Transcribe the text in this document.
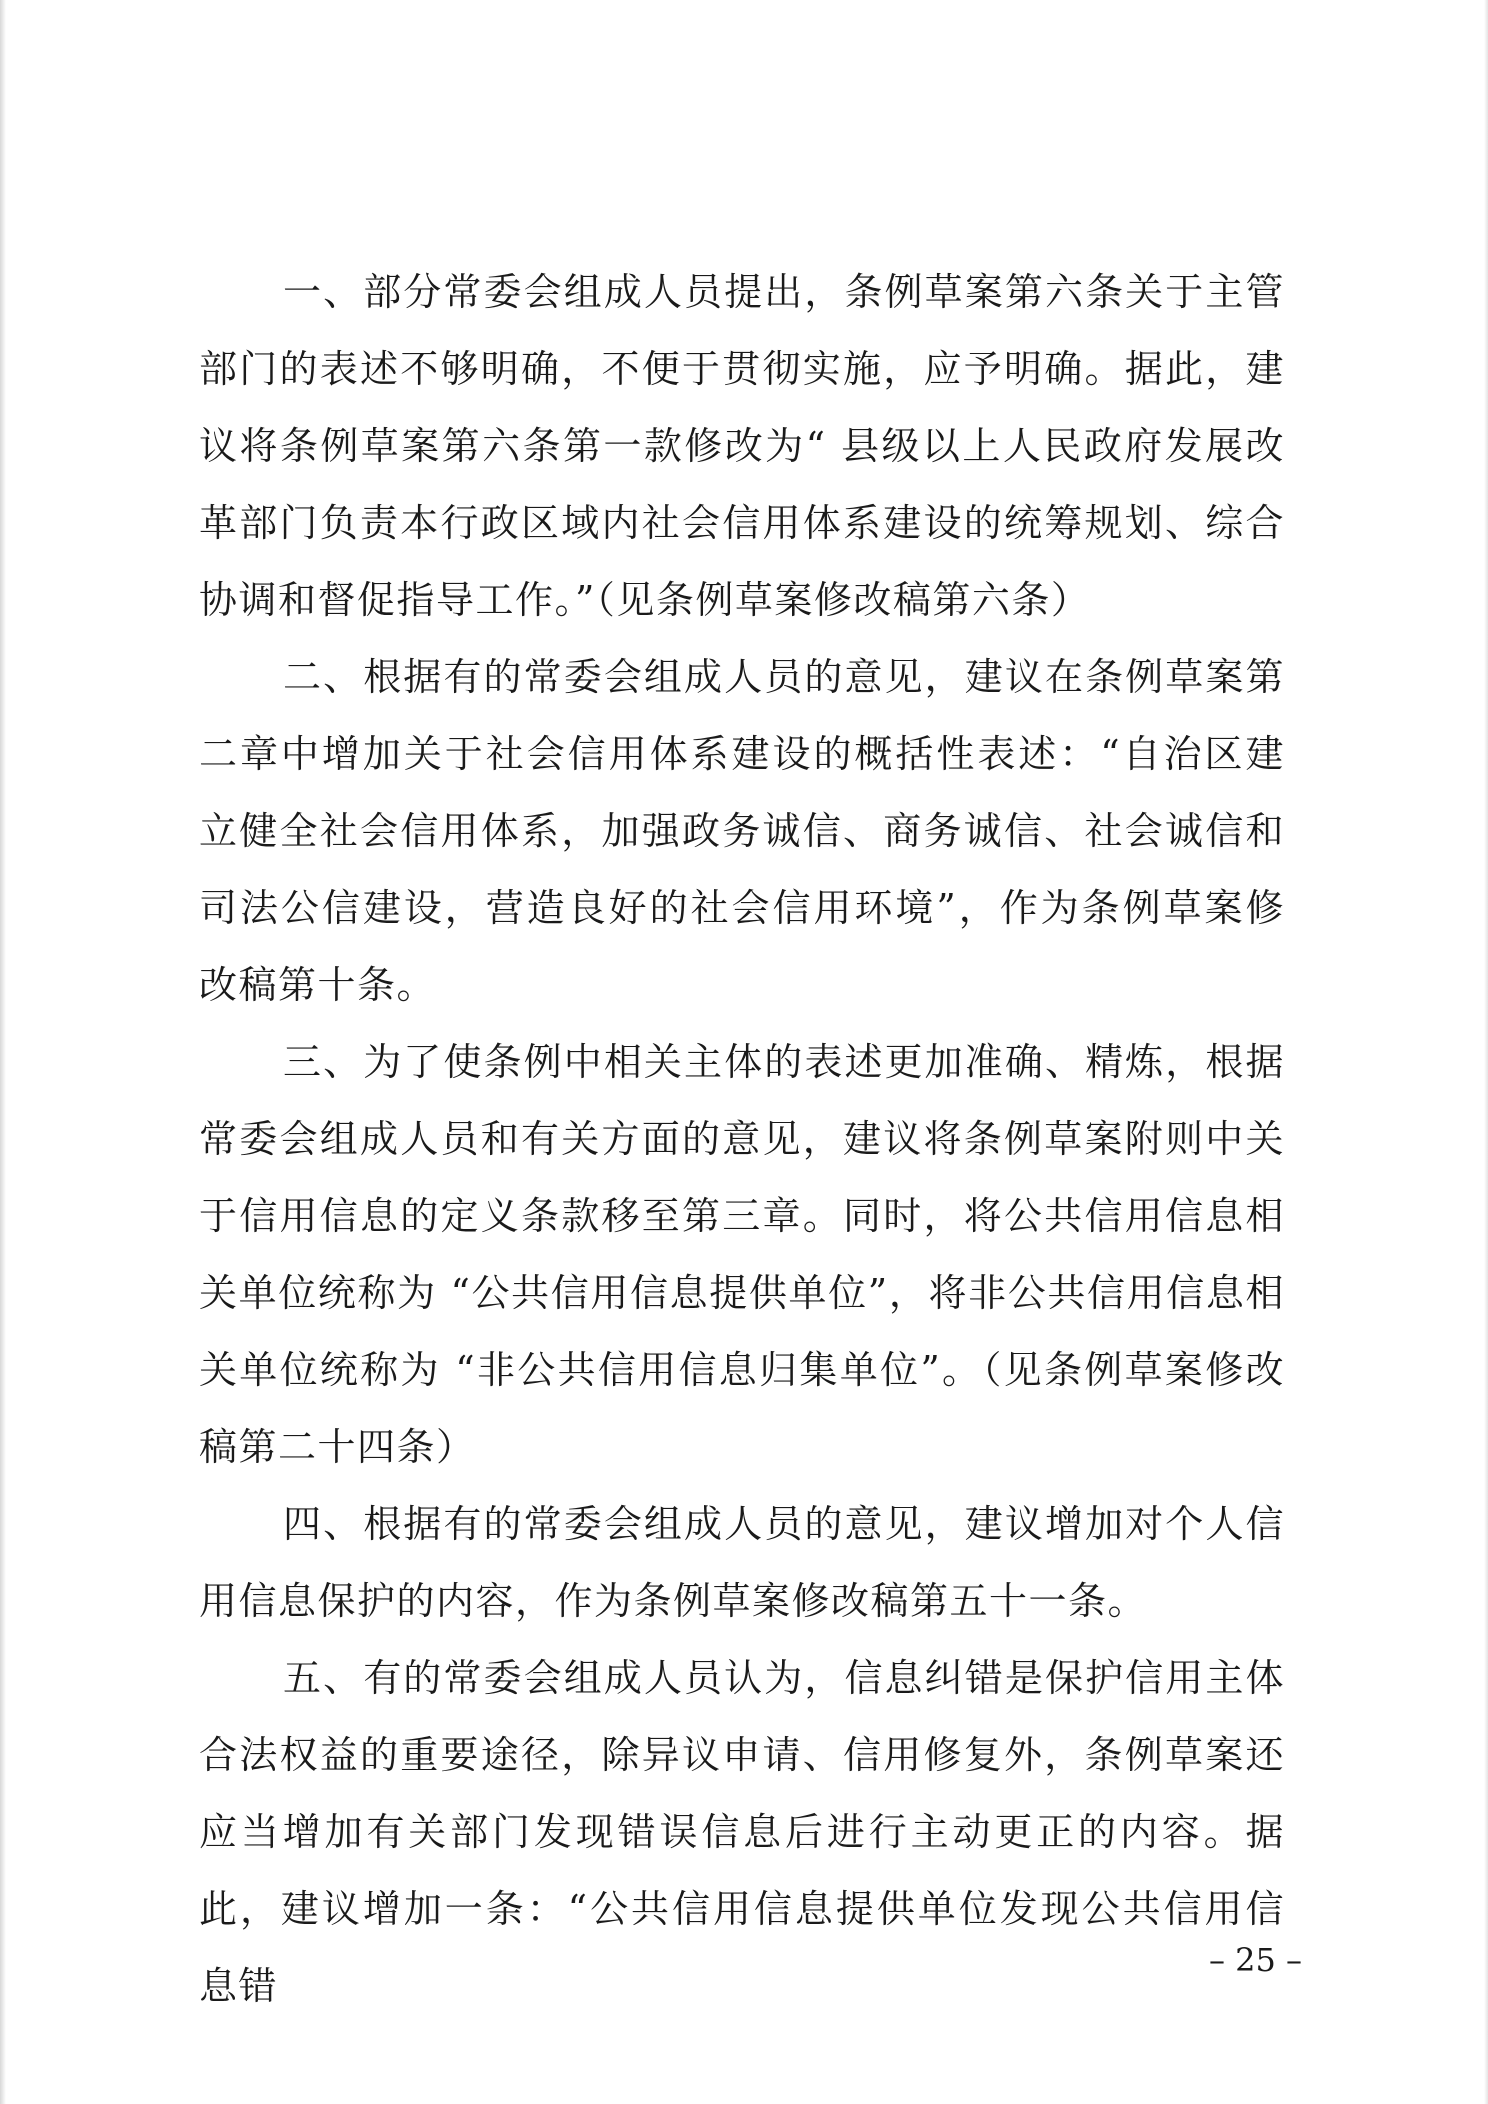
一、部分常委会组成人员提出，条例草案第六条关于主管部门的表述不够明确，不便于贯彻实施，应予明确。据此，建议将条例草案第六条第一款修改为“ 县级以上人民政府发展改革部门负责本行政区域内社会信用体系建设的统筹规划、综合协调和督促指导工作。”（见条例草案修改稿第六条）

二、根据有的常委会组成人员的意见，建议在条例草案第二章中增加关于社会信用体系建设的概括性表述：“自治区建立健全社会信用体系，加强政务诚信、商务诚信、社会诚信和司法公信建设，营造良好的社会信用环境”，作为条例草案修改稿第十条。

三、为了使条例中相关主体的表述更加准确、精炼，根据常委会组成人员和有关方面的意见，建议将条例草案附则中关于信用信息的定义条款移至第三章。同时，将公共信用信息相关单位统称为 “公共信用信息提供单位”，将非公共信用信息相关单位统称为 “非公共信用信息归集单位”。（见条例草案修改稿第二十四条）

四、根据有的常委会组成人员的意见，建议增加对个人信用信息保护的内容，作为条例草案修改稿第五十一条。

五、有的常委会组成人员认为，信息纠错是保护信用主体合法权益的重要途径，除异议申请、信用修复外，条例草案还应当增加有关部门发现错误信息后进行主动更正的内容。据此，建议增加一条：“公共信用信息提供单位发现公共信用信息错

– 25 –
